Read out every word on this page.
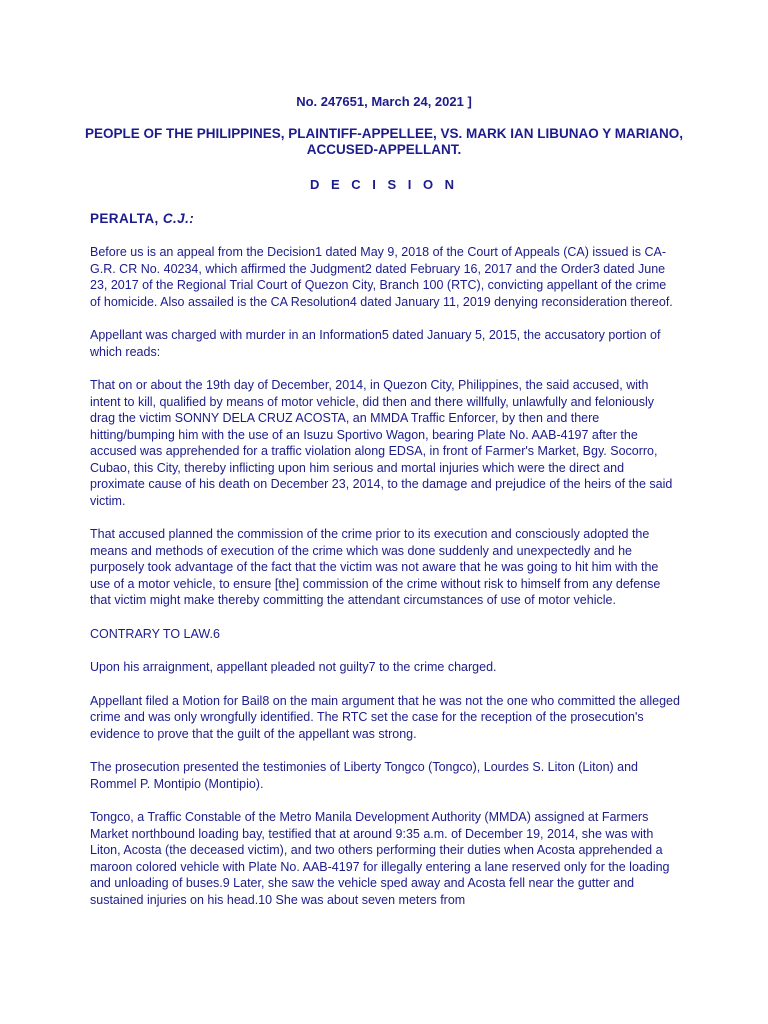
No. 247651, March 24, 2021 ]
PEOPLE OF THE PHILIPPINES, PLAINTIFF-APPELLEE, VS. MARK IAN LIBUNAO Y MARIANO, ACCUSED-APPELLANT.
D E C I S I O N
PERALTA, C.J.:

Before us is an appeal from the Decision1 dated May 9, 2018 of the Court of Appeals (CA) issued is CA-G.R. CR No. 40234, which affirmed the Judgment2 dated February 16, 2017 and the Order3 dated June 23, 2017 of the Regional Trial Court of Quezon City, Branch 100 (RTC), convicting appellant of the crime of homicide. Also assailed is the CA Resolution4 dated January 11, 2019 denying reconsideration thereof.

Appellant was charged with murder in an Information5 dated January 5, 2015, the accusatory portion of which reads:

That on or about the 19th day of December, 2014, in Quezon City, Philippines, the said accused, with intent to kill, qualified by means of motor vehicle, did then and there willfully, unlawfully and feloniously drag the victim SONNY DELA CRUZ ACOSTA, an MMDA Traffic Enforcer, by then and there hitting/bumping him with the use of an Isuzu Sportivo Wagon, bearing Plate No. AAB-4197 after the accused was apprehended for a traffic violation along EDSA, in front of Farmer's Market, Bgy. Socorro, Cubao, this City, thereby inflicting upon him serious and mortal injuries which were the direct and proximate cause of his death on December 23, 2014, to the damage and prejudice of the heirs of the said victim.

That accused planned the commission of the crime prior to its execution and consciously adopted the means and methods of execution of the crime which was done suddenly and unexpectedly and he purposely took advantage of the fact that the victim was not aware that he was going to hit him with the use of a motor vehicle, to ensure [the] commission of the crime without risk to himself from any defense that victim might make thereby committing the attendant circumstances of use of motor vehicle.

CONTRARY TO LAW.6

Upon his arraignment, appellant pleaded not guilty7 to the crime charged.

Appellant filed a Motion for Bail8 on the main argument that he was not the one who committed the alleged crime and was only wrongfully identified. The RTC set the case for the reception of the prosecution's evidence to prove that the guilt of the appellant was strong.

The prosecution presented the testimonies of Liberty Tongco (Tongco), Lourdes S. Liton (Liton) and Rommel P. Montipio (Montipio).

Tongco, a Traffic Constable of the Metro Manila Development Authority (MMDA) assigned at Farmers Market northbound loading bay, testified that at around 9:35 a.m. of December 19, 2014, she was with Liton, Acosta (the deceased victim), and two others performing their duties when Acosta apprehended a maroon colored vehicle with Plate No. AAB-4197 for illegally entering a lane reserved only for the loading and unloading of buses.9 Later, she saw the vehicle sped away and Acosta fell near the gutter and sustained injuries on his head.10 She was about seven meters from
